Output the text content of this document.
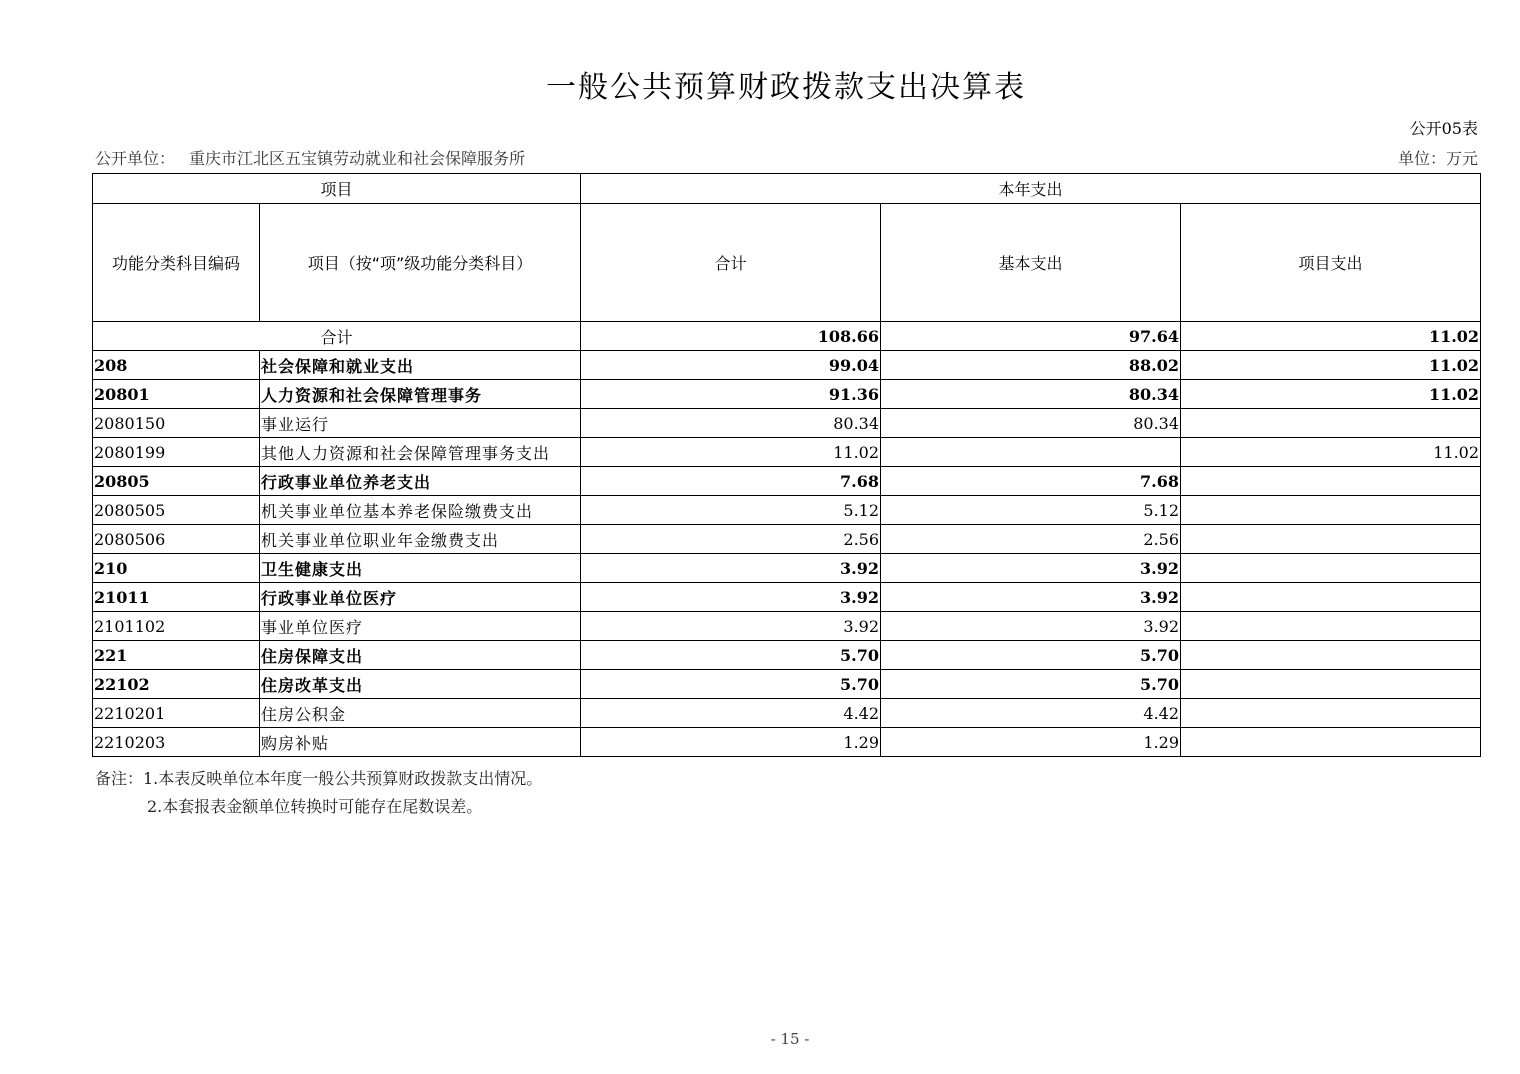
一般公共预算财政拨款支出决算表
公开05表
公开单位： 重庆市江北区五宝镇劳动就业和社会保障服务所	单位：万元
项目		本年支出		
功能分类科目编码	项目（按“项”级功能分类科目）	合计	基本支出	项目支出
合计		108.66	97.64	11.02
208	社会保障和就业支出	99.04	88.02	11.02
20801	人力资源和社会保障管理事务	91.36	80.34	11.02
2080150	事业运行	80.34	80.34	
2080199	其他人力资源和社会保障管理事务支出	11.02		11.02
20805	行政事业单位养老支出	7.68	7.68	
2080505	机关事业单位基本养老保险缴费支出	5.12	5.12	
2080506	机关事业单位职业年金缴费支出	2.56	2.56	
210	卫生健康支出	3.92	3.92	
21011	行政事业单位医疗	3.92	3.92	
2101102	事业单位医疗	3.92	3.92	
221	住房保障支出	5.70	5.70	
22102	住房改革支出	5.70	5.70	
2210201	住房公积金	4.42	4.42	
2210203	购房补贴	1.29	1.29	
备注：1.本表反映单位本年度一般公共预算财政拨款支出情况。
2.本套报表金额单位转换时可能存在尾数误差。
- 15 -
